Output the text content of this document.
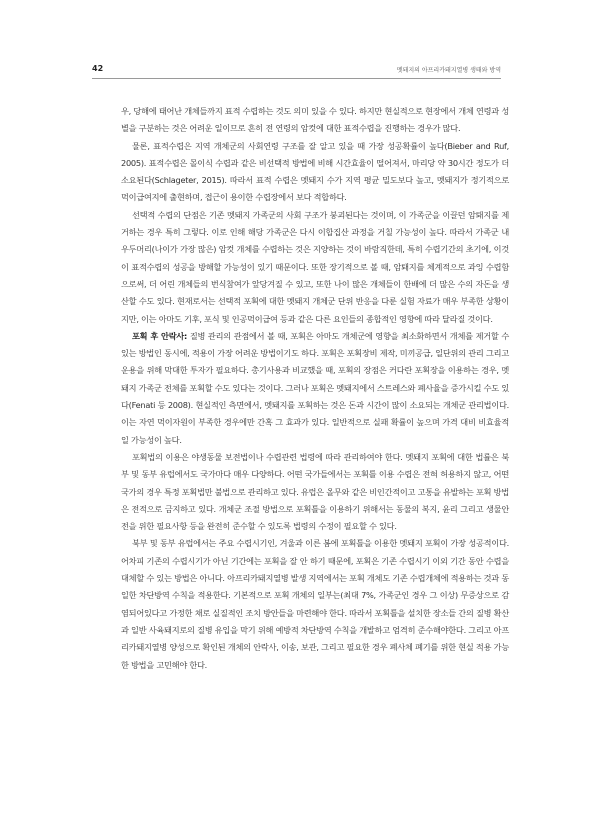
42	멧돼지의 아프리카돼지열병 생태와 방역

우, 당해에 태어난 개체들까지 표적 수렵하는 것도 의미 있을 수 있다. 하지만 현실적으로 현장에서 개체 연령과 성별을 구분하는 것은 어려운 일이므로 흔히 전 연령의 암컷에 대한 표적수렵을 진행하는 경우가 많다.

물론, 표적수렵은 지역 개체군의 사회연령 구조를 잘 알고 있을 때 가장 성공확률이 높다(Bieber and Ruf, 2005). 표적수렵은 몰이식 수렵과 같은 비선택적 방법에 비해 시간효율이 떨어져서, 마리당 약 30시간 정도가 더 소요된다(Schlageter, 2015). 따라서 표적 수렵은 멧돼지 수가 지역 평균 밀도보다 높고, 멧돼지가 정기적으로 먹이급여지에 출현하며, 접근이 용이한 수렵장에서 보다 적합하다.

선택적 수렵의 단점은 기존 멧돼지 가족군의 사회 구조가 붕괴된다는 것이며, 이 가족군을 이끌던 암퇘지를 제거하는 경우 특히 그렇다. 이로 인해 해당 가족군은 다시 이합집산 과정을 거칠 가능성이 높다. 따라서 가족군 내 우두머리(나이가 가장 많은) 암컷 개체를 수렵하는 것은 지양하는 것이 바람직한데, 특히 수렵기간의 초기에, 이것이 표적수렵의 성공을 방해할 가능성이 있기 때문이다. 또한 장기적으로 볼 때, 암퇘지를 체계적으로 과잉 수렵함으로써, 더 어린 개체들의 번식참여가 앞당겨질 수 있고, 또한 나이 많은 개체들이 한배에 더 많은 수의 자돈을 생산할 수도 있다. 현재로서는 선택적 포획에 대한 멧돼지 개체군 단위 반응을 다룬 실험 자료가 매우 부족한 상황이지만, 이는 아마도 기후, 포식 및 인공먹이급여 등과 같은 다른 요인들의 종합적인 영향에 따라 달라질 것이다.

포획 후 안락사: 질병 관리의 관점에서 볼 때, 포획은 아마도 개체군에 영향을 최소화하면서 개체를 제거할 수 있는 방법인 동시에, 적용이 가장 어려운 방법이기도 하다. 포획은 포획장비 제작, 미끼공급, 일단위의 관리 그리고 운용을 위해 막대한 투자가 필요하다. 총기사용과 비교했을 때, 포획의 장점은 커다란 포획장을 이용하는 경우, 멧돼지 가족군 전체를 포획할 수도 있다는 것이다. 그러나 포획은 멧돼지에서 스트레스와 폐사율을 증가시킬 수도 있다(Fenati 등 2008). 현실적인 측면에서, 멧돼지를 포획하는 것은 돈과 시간이 많이 소요되는 개체군 관리법이다. 이는 자연 먹이자원이 부족한 경우에만 간혹 그 효과가 있다. 일반적으로 실패 확률이 높으며 가격 대비 비효율적일 가능성이 높다.

포획법의 이용은 야생동물 보전법이나 수렵관련 법령에 따라 관리하여야 한다. 멧돼지 포획에 대한 법률은 북부 및 동부 유럽에서도 국가마다 매우 다양하다. 어떤 국가들에서는 포획틀 이용 수렵은 전혀 허용하지 않고, 어떤 국가의 경우 특정 포획법만 불법으로 관리하고 있다. 유럽은 올무와 같은 비인간적이고 고통을 유발하는 포획 방법은 전적으로 금지하고 있다. 개체군 조절 방법으로 포획틀을 이용하기 위해서는 동물의 복지, 윤리 그리고 생물안전을 위한 필요사항 등을 완전히 준수할 수 있도록 법령의 수정이 필요할 수 있다.

북부 및 동부 유럽에서는 주요 수렵시기인, 겨울과 이른 봄에 포획틀을 이용한 멧돼지 포획이 가장 성공적이다. 어차피 기존의 수렵시기가 아닌 기간에는 포획을 잘 안 하기 때문에, 포획은 기존 수렵시기 이외 기간 동안 수렵을 대체할 수 있는 방법은 아니다. 아프리카돼지열병 발생 지역에서는 포획 개체도 기존 수렵개체에 적용하는 것과 동일한 차단방역 수칙을 적용한다. 기본적으로 포획 개체의 일부는(최대 7%, 가족군인 경우 그 이상) 무증상으로 감염되어있다고 가정한 채로 실질적인 조치 방안들을 마련해야 한다. 따라서 포획틀을 설치한 장소들 간의 질병 확산과 일반 사육돼지로의 질병 유입을 막기 위해 예방적 차단방역 수칙을 개발하고 엄격히 준수해야한다. 그리고 아프리카돼지열병 양성으로 확인된 개체의 안락사, 이송, 보관, 그리고 필요한 경우 폐사체 폐기를 위한 현실 적용 가능한 방법을 고민해야 한다.
